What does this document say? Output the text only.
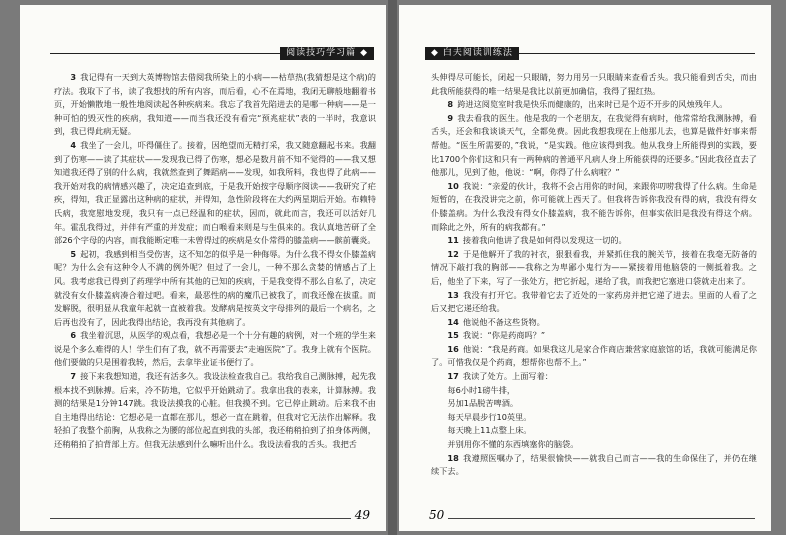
阅读技巧学习篇 ◆

3  我记得有一天到大英博物馆去借阅我所染上的小病——枯草热(我猜想是这个病)的疗法。我取下了书，读了我想找的所有内容，而后看，心不在焉地，我闭无聊般地翻着书页，开始懒散地一般性地阅读起各种疾病来。我忘了我首先陷进去的是哪一种病——是一种可怕的毁灭性的疾病，我知道——而当我还没有看完“预兆症状”表的一半时，我意识到，我已得此病无疑。

4  我坐了一会儿，吓得僵住了。接着，因绝望而无精打采，我又随意翻起书来。我翻到了伤寒——读了其症状——发现我已得了伤寒，想必是数月前不知不觉得的——我又想知道我还得了别的什么病，我就然查到了舞蹈病——发现，如我所料，我也得了此病——我开始对我的病情感兴趣了，决定追查到底，于是我开始按字母顺序阅读——我研究了疟疾，得知，我正显露出这种病的症状，并得知，急性阶段将在大约两星期后开始。布赖特氏病，我宽慰地发现，我只有一点已经温和的症状，因而，就此而言，我还可以活好几年。霍乱我得过，并伴有严重的并发症；而白喉看来则是与生俱来的。我认真地苦研了全部26个字母的内容，而我能断定唯一未曾得过的疾病是女仆常得的膝盖病——髌前囊炎。

5  起初，我感到相当受伤害，这不知怎的似乎是一种侮辱。为什么我不得女仆膝盖病呢？为什么会有这种令人不满的例外呢？但过了一会儿，一种不那么贪婪的情感占了上风。我考虑我已得到了药理学中所有其他的已知的疾病，于是我变得不那么自私了，决定就没有女仆膝盖病凑合着过吧。看来，最恶性的病的魔爪已被我了，而我还像在拔重。而发解脱，很明显从我童年起就一直被着我。发酵病是按英文字母排列的最后一个病名，之后再也没有了，因此我得出结论，我再没有其他病了。

6  我坐着沉思，从医学的观点看，我想必是一个十分有趣的病例，对一个班的学生来说是个多么难得的人！学生们有了我，就不再需要去“走遍医院”了。我身上就有个医院。他们要做的只是围着我转，然后，去拿毕业证书便行了。

7  接下来我想知道，我还有活多久。我设法检查我自己。我给我自己测脉搏，起先我根本找不到脉搏。后来，冷不防地，它似乎开始跳动了。我拿出我的表来，计算脉搏。我测的结果是1分钟147跳。我设法摸我的心脏。但我摸不到。它已停止跳动。后来我不由自主地得出结论：它想必是一直都在那儿，想必一直在跳着，但我对它无法作出解释。我轻拍了我整个前胸，从我称之为腰的部位起直到我的头部，我还稍稍拍到了拍身体两侧，还稍稍拍了拍背部上方。但我无法感到什么嘛听出什么。我设法看我的舌头。我把舌

49
◆ 白夫阅读训练法

头伸得尽可能长，闭起一只眼睛，努力用另一只眼睛来查看舌头。我只能看到舌尖，而由此我所能获得的唯一结果是我比以前更加确信，我得了猩红热。

8  跨进这阅览室时我是快乐而健康的，出来时已是个迈不开步的风烛残年人。

9  我去看我的医生。他是我的一个老朋友，在我觉得有病时，他常常给我测脉搏，看舌头，还会和我谈谈天气，全都免费。因此我想我现在上他那儿去，也算是做件好事来帮帮他。“医生所需要的，”我说，“是实践。他应该得到我。他从我身上所能得到的实践，要比1700个你们这和只有一两种病的普通平凡病人身上所能获得的还要多。”因此我径直去了他那儿，见到了他，他说：“啊，你得了什么病啦？”

10  我说：“亲爱的伙计，我将不会占用你的时间，来跟你叨唠我得了什么病。生命是短暂的，在我没讲完之前，你可能就上西天了。但我将告诉你我没有得的病，我没有得女仆膝盖病。为什么我没有得女仆膝盖病，我不能告诉你，但事实依旧是我没有得这个病。而除此之外，所有的病我都有。”

11  接着我向他讲了我是如何得以发现这一切的。

12  于是他解开了我的衬衣，狠狠看我，并紧抓住我的腕关节，接着在我毫无防备的情况下敲打我的胸部——我称之为卑鄙小鬼行为——紧接着用他脑袋的一侧抵着我。之后，他坐了下来，写了一张处方，把它折起，递给了我，而我把它塞进口袋就走出来了。

13  我没有打开它。我带着它去了近处的一家药房并把它递了进去。里面的人看了之后又把它递还给我。

14  他说他不备这些货物。

15  我说：“你是药商吗？”

16  他说：“我是药商。如果我这儿是家合作商店兼营家庭旅馆的话，我就可能满足你了。可惜我仅是个药商，想帮你也帮不上。”

17  我读了处方。上面写着：

每6小时1磅牛排，

另加1品脱苦啤酒。

每天早晨步行10英里。

每天晚上11点整上床。

并别用你不懂的东西填塞你的脑袋。

18  我遵照医嘱办了，结果很愉快——就我自己而言——我的生命保住了，并仍在继续下去。

50
